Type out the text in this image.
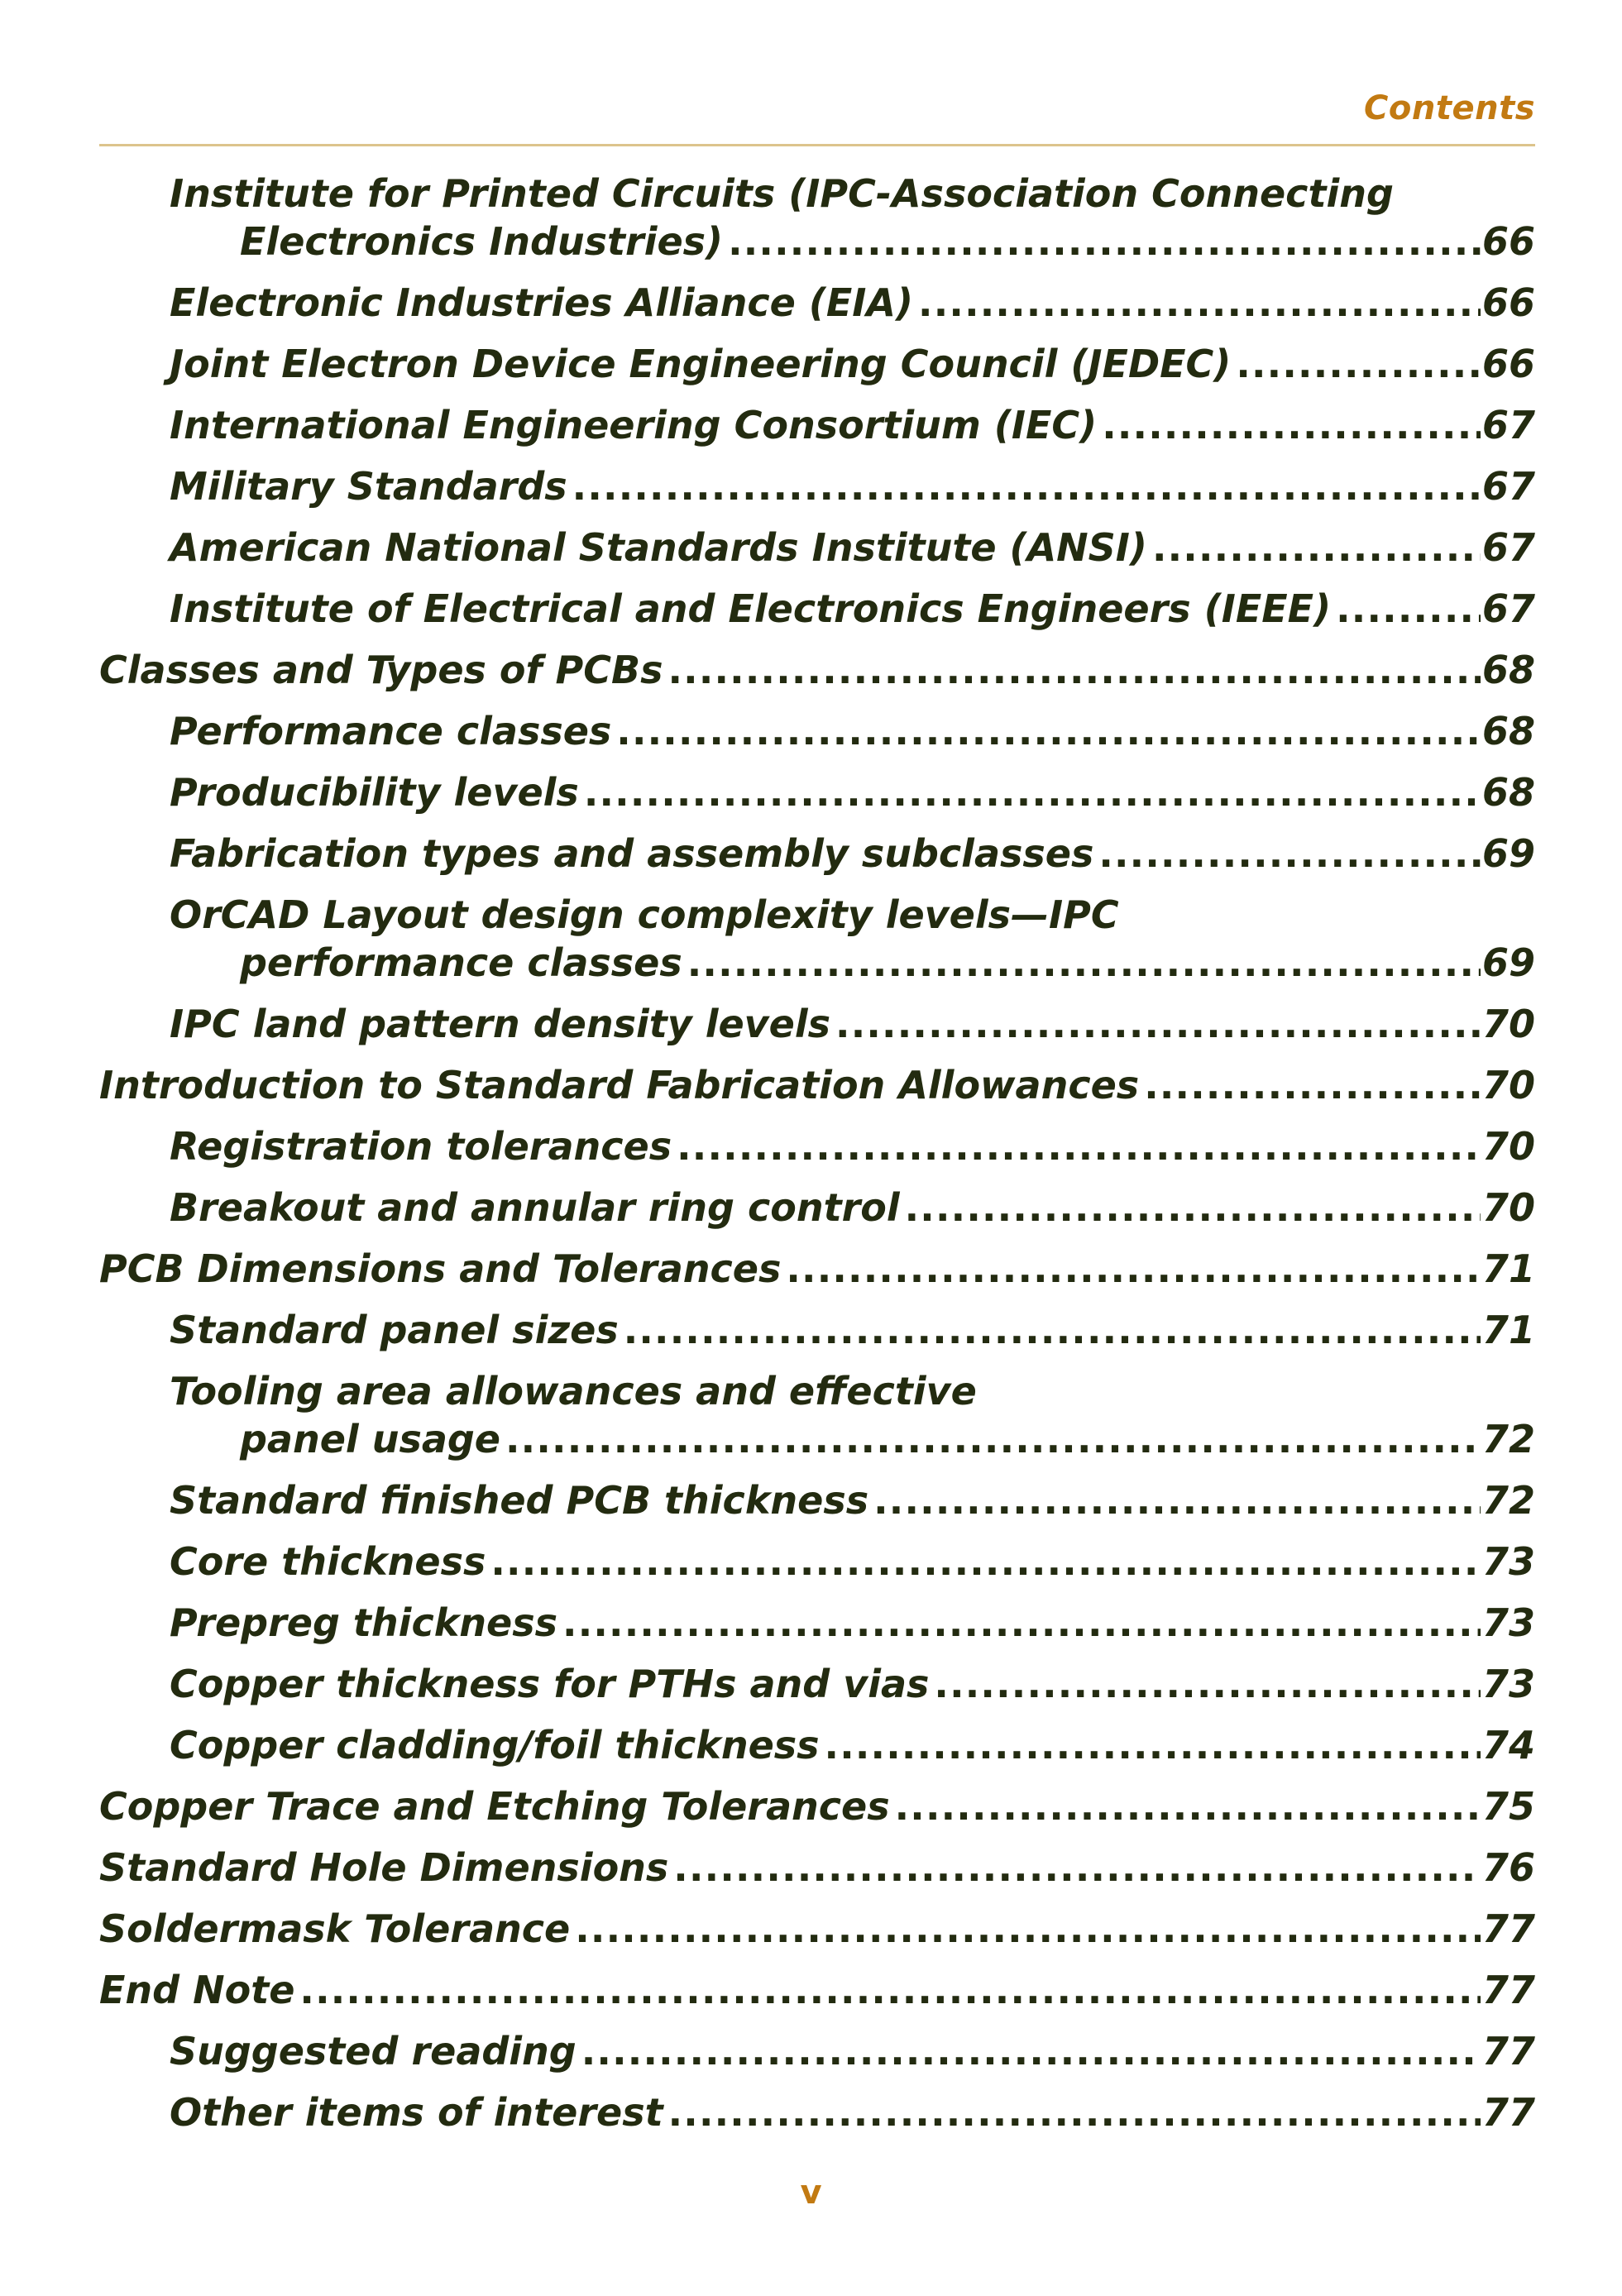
Contents
Institute for Printed Circuits (IPC-Association Connecting
Electronics Industries) .....	66
Electronic Industries Alliance (EIA) .....	66
Joint Electron Device Engineering Council (JEDEC) .....	66
International Engineering Consortium (IEC) .....	67
Military Standards .....	67
American National Standards Institute (ANSI) .....	67
Institute of Electrical and Electronics Engineers (IEEE) .....	67
Classes and Types of PCBs .....	68
Performance classes .....	68
Producibility levels .....	68
Fabrication types and assembly subclasses .....	69
OrCAD Layout design complexity levels—IPC
performance classes .....	69
IPC land pattern density levels .....	70
Introduction to Standard Fabrication Allowances .....	70
Registration tolerances .....	70
Breakout and annular ring control .....	70
PCB Dimensions and Tolerances .....	71
Standard panel sizes .....	71
Tooling area allowances and effective
panel usage .....	72
Standard finished PCB thickness .....	72
Core thickness .....	73
Prepreg thickness .....	73
Copper thickness for PTHs and vias .....	73
Copper cladding/foil thickness .....	74
Copper Trace and Etching Tolerances .....	75
Standard Hole Dimensions .....	76
Soldermask Tolerance .....	77
End Note .....	77
Suggested reading .....	77
Other items of interest .....	77
v
